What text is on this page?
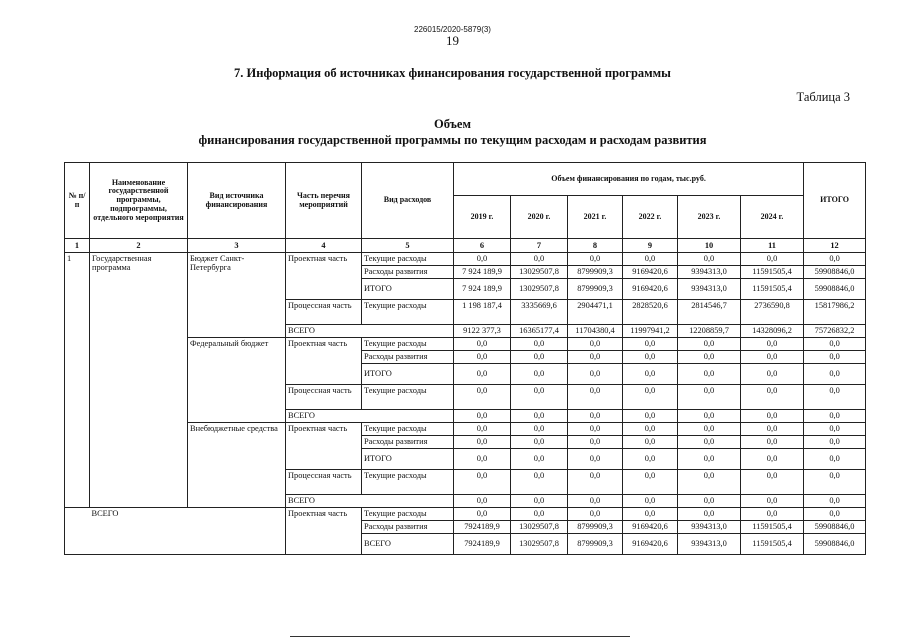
226015/2020-5879(3)
19
7. Информация об источниках финансирования государственной программы
Таблица 3
Объем
финансирования государственной программы по текущим расходам и расходам развития
№ п/п	Наименование государственной программы, подпрограммы, отдельного мероприятия	Вид источника финансирования	Часть перечня мероприятий	Вид расходов	Объем финансирования по годам, тыс.руб.						ИТОГО
					2019 г.	2020 г.	2021 г.	2022 г.	2023 г.	2024 г.	
1	2	3	4	5	6	7	8	9	10	11	12
1	Государственная программа	Бюджет Санкт-Петербурга	Проектная часть	Текущие расходы	0,0	0,0	0,0	0,0	0,0	0,0	0,0
				Расходы развития	7 924 189,9	13029507,8	8799909,3	9169420,6	9394313,0	11591505,4	59908846,0
				ИТОГО	7 924 189,9	13029507,8	8799909,3	9169420,6	9394313,0	11591505,4	59908846,0
			Процессная часть	Текущие расходы	1 198 187,4	3335669,6	2904471,1	2828520,6	2814546,7	2736590,8	15817986,2
			ВСЕГО		9122 377,3	16365177,4	11704380,4	11997941,2	12208859,7	14328096,2	75726832,2
		Федеральный бюджет	Проектная часть	Текущие расходы	0,0	0,0	0,0	0,0	0,0	0,0	0,0
				Расходы развития	0,0	0,0	0,0	0,0	0,0	0,0	0,0
				ИТОГО	0,0	0,0	0,0	0,0	0,0	0,0	0,0
			Процессная часть	Текущие расходы	0,0	0,0	0,0	0,0	0,0	0,0	0,0
			ВСЕГО		0,0	0,0	0,0	0,0	0,0	0,0	0,0
		Внебюджетные средства	Проектная часть	Текущие расходы	0,0	0,0	0,0	0,0	0,0	0,0	0,0
				Расходы развития	0,0	0,0	0,0	0,0	0,0	0,0	0,0
				ИТОГО	0,0	0,0	0,0	0,0	0,0	0,0	0,0
			Процессная часть	Текущие расходы	0,0	0,0	0,0	0,0	0,0	0,0	0,0
			ВСЕГО		0,0	0,0	0,0	0,0	0,0	0,0	0,0
	ВСЕГО		Проектная часть	Текущие расходы	0,0	0,0	0,0	0,0	0,0	0,0	0,0
				Расходы развития	7924189,9	13029507,8	8799909,3	9169420,6	9394313,0	11591505,4	59908846,0
				ВСЕГО	7924189,9	13029507,8	8799909,3	9169420,6	9394313,0	11591505,4	59908846,0
